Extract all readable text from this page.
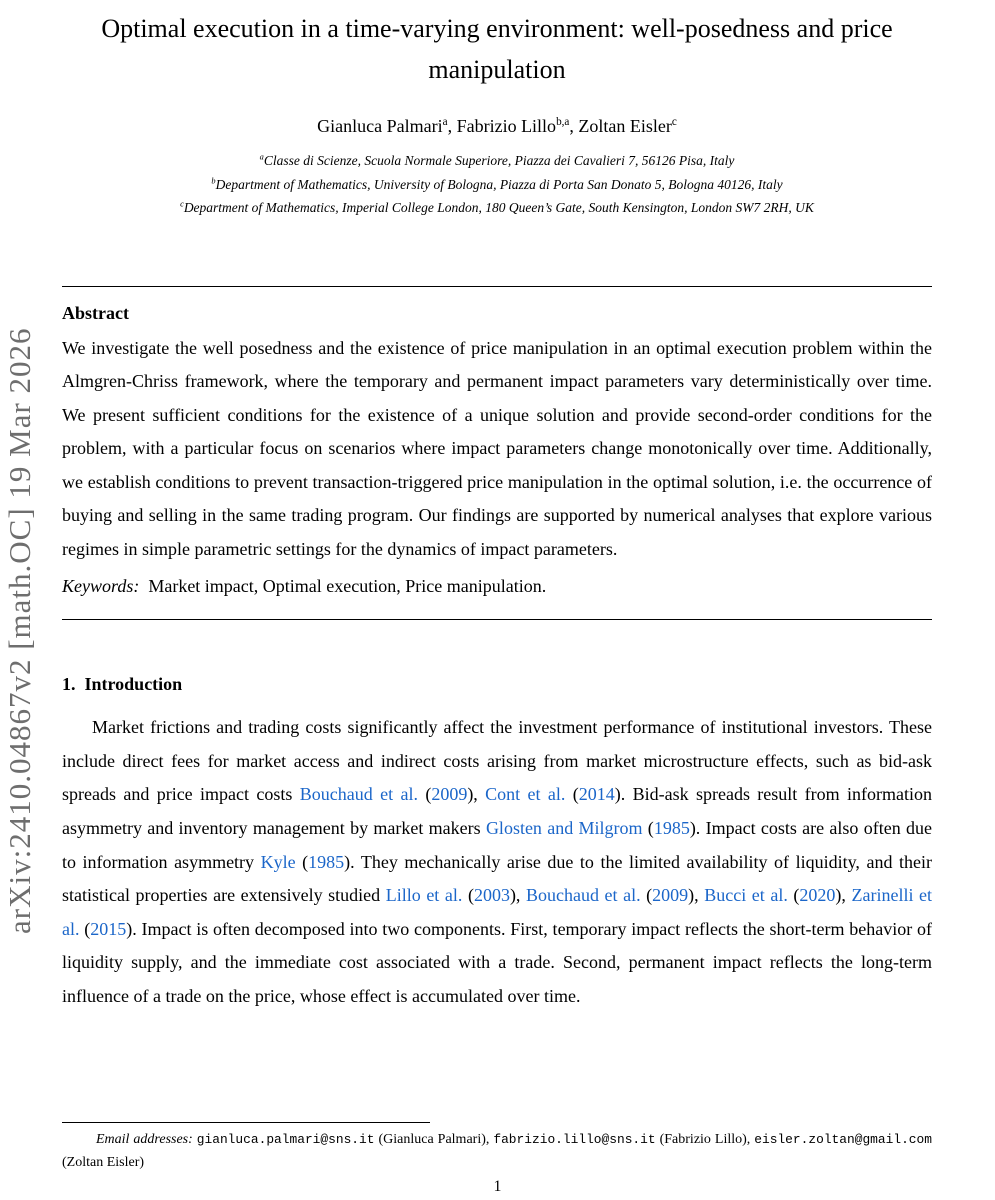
arXiv:2410.04867v2 [math.OC] 19 Mar 2026
Optimal execution in a time-varying environment: well-posedness and price manipulation
Gianluca Palmari$^a$, Fabrizio Lillo$^{b,a}$, Zoltan Eisler$^c$
$^a$Classe di Scienze, Scuola Normale Superiore, Piazza dei Cavalieri 7, 56126 Pisa, Italy
$^b$Department of Mathematics, University of Bologna, Piazza di Porta San Donato 5, Bologna 40126, Italy
$^c$Department of Mathematics, Imperial College London, 180 Queen’s Gate, South Kensington, London SW7 2RH, UK
Abstract

We investigate the well posedness and the existence of price manipulation in an optimal execution problem within the Almgren-Chriss framework, where the temporary and permanent impact parameters vary deterministically over time. We present sufficient conditions for the existence of a unique solution and provide second-order conditions for the problem, with a particular focus on scenarios where impact parameters change monotonically over time. Additionally, we establish conditions to prevent transaction-triggered price manipulation in the optimal solution, i.e. the occurrence of buying and selling in the same trading program. Our findings are supported by numerical analyses that explore various regimes in simple parametric settings for the dynamics of impact parameters.

Keywords:  Market impact, Optimal execution, Price manipulation.

1.  Introduction

Market frictions and trading costs significantly affect the investment performance of institutional investors. These include direct fees for market access and indirect costs arising from market microstructure effects, such as bid-ask spreads and price impact costs Bouchaud et al. (2009), Cont et al. (2014). Bid-ask spreads result from information asymmetry and inventory management by market makers Glosten and Milgrom (1985). Impact costs are also often due to information asymmetry Kyle (1985). They mechanically arise due to the limited availability of liquidity, and their statistical properties are extensively studied Lillo et al. (2003), Bouchaud et al. (2009), Bucci et al. (2020), Zarinelli et al. (2015). Impact is often decomposed into two components. First, temporary impact reflects the short-term behavior of liquidity supply, and the immediate cost associated with a trade. Second, permanent impact reflects the long-term influence of a trade on the price, whose effect is accumulated over time.

Email addresses: gianluca.palmari@sns.it (Gianluca Palmari), fabrizio.lillo@sns.it (Fabrizio Lillo), eisler.zoltan@gmail.com (Zoltan Eisler)

1
